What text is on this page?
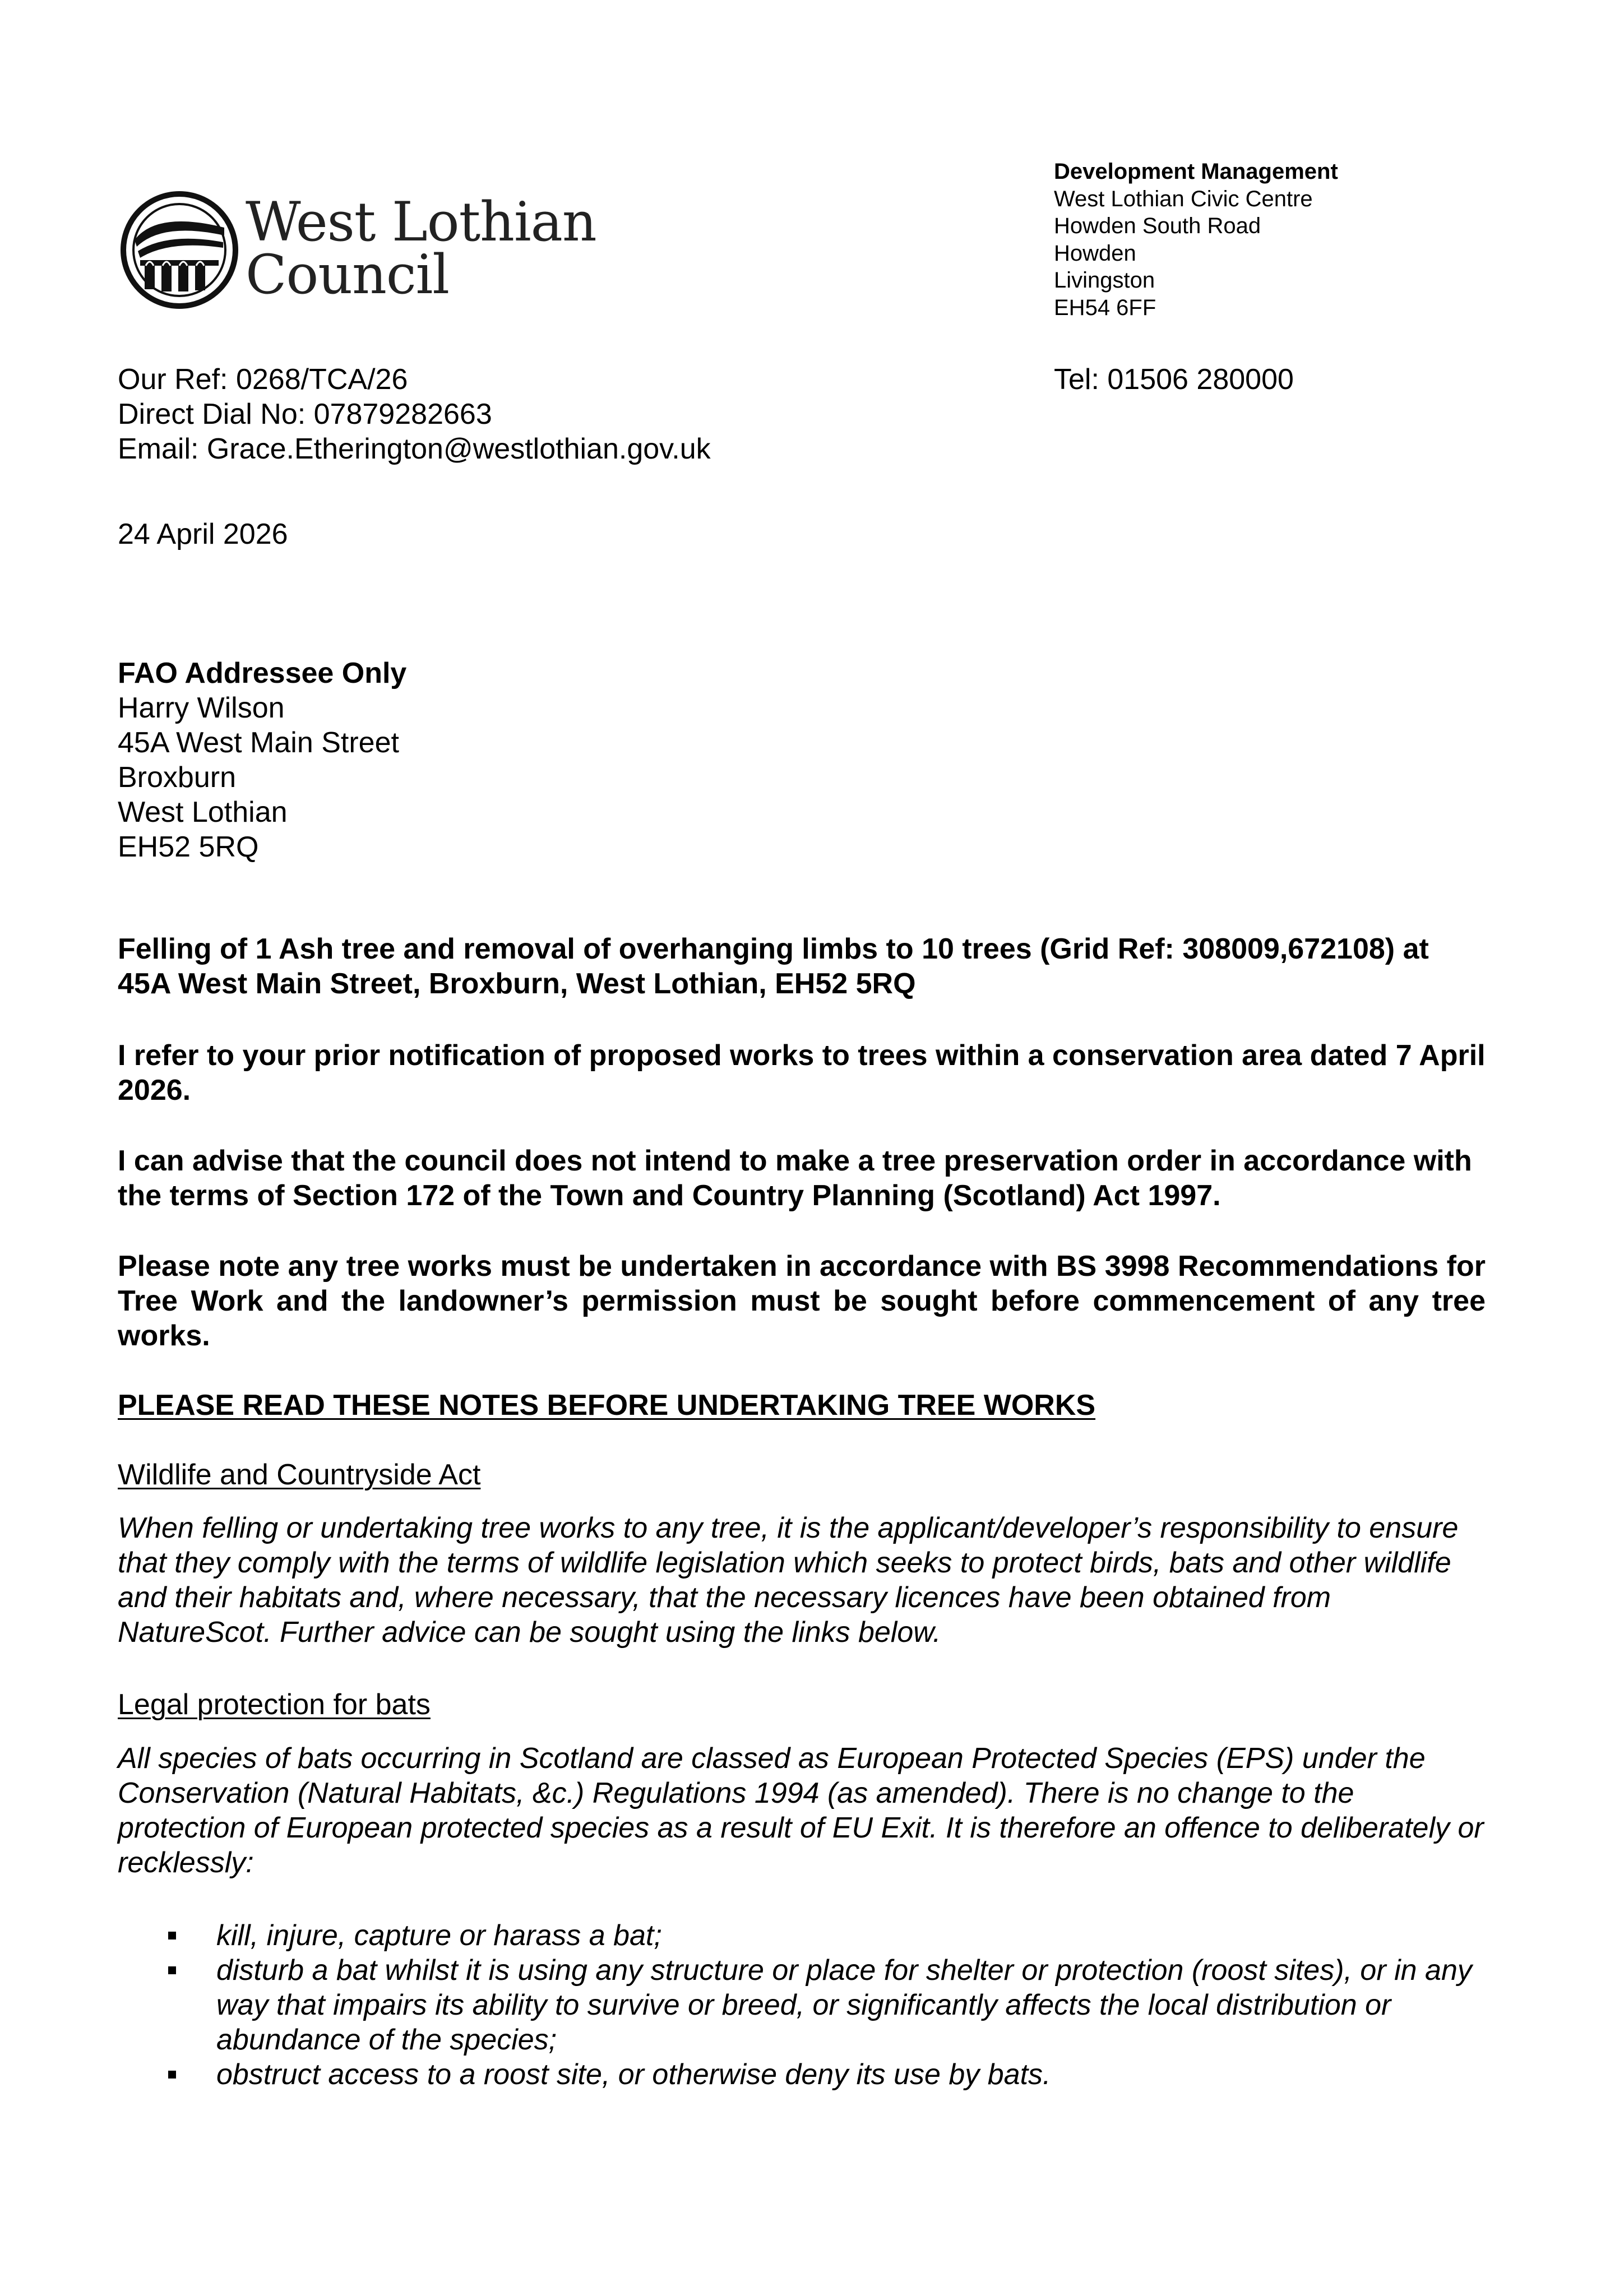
West Lothian
Council
Development Management
West Lothian Civic Centre
Howden South Road
Howden
Livingston
EH54 6FF
Our Ref: 0268/TCA/26
Direct Dial No: 07879282663
Email: Grace.Etherington@westlothian.gov.uk
Tel: 01506 280000
24 April 2026
FAO Addressee Only
Harry Wilson
45A West Main Street
Broxburn
West Lothian
EH52 5RQ
Felling of 1 Ash tree and removal of overhanging limbs to 10 trees (Grid Ref: 308009,672108) at 45A West Main Street, Broxburn, West Lothian, EH52 5RQ
I refer to your prior notification of proposed works to trees within a conservation area dated 7 April 2026.
I can advise that the council does not intend to make a tree preservation order in accordance with the terms of Section 172 of the Town and Country Planning (Scotland) Act 1997.
Please note any tree works must be undertaken in accordance with BS 3998 Recommendations for Tree Work and the landowner’s permission must be sought before commencement of any tree works.
PLEASE READ THESE NOTES BEFORE UNDERTAKING TREE WORKS
Wildlife and Countryside Act
When felling or undertaking tree works to any tree, it is the applicant/developer’s responsibility to ensure that they comply with the terms of wildlife legislation which seeks to protect birds, bats and other wildlife and their habitats and, where necessary, that the necessary licences have been obtained from NatureScot. Further advice can be sought using the links below.
Legal protection for bats
All species of bats occurring in Scotland are classed as European Protected Species (EPS) under the Conservation (Natural Habitats, &c.) Regulations 1994 (as amended). There is no change to the protection of European protected species as a result of EU Exit. It is therefore an offence to deliberately or recklessly:
kill, injure, capture or harass a bat;
disturb a bat whilst it is using any structure or place for shelter or protection (roost sites), or in any way that impairs its ability to survive or breed, or significantly affects the local distribution or abundance of the species;
obstruct access to a roost site, or otherwise deny its use by bats.
